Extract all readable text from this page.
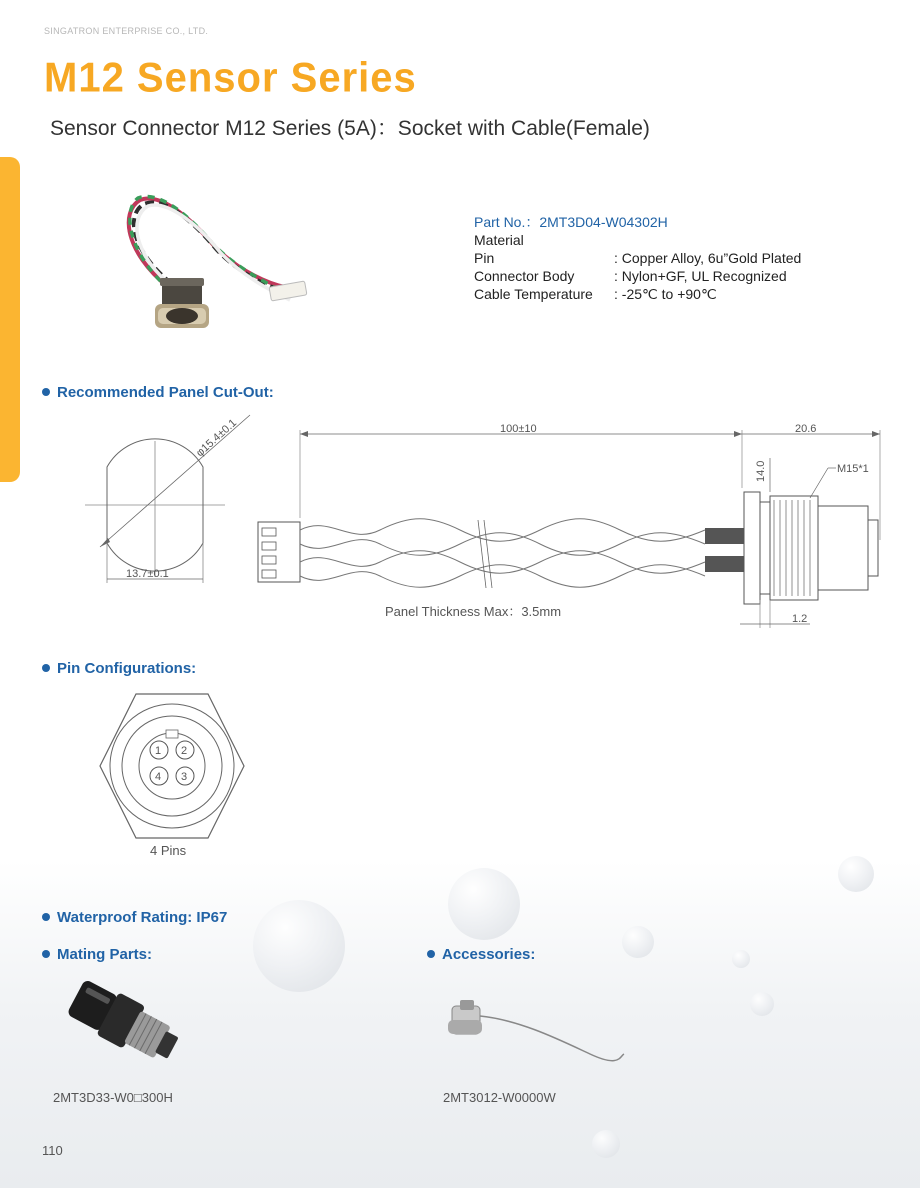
SINGATRON ENTERPRISE CO., LTD.
M12 Sensor Series
Sensor Connector M12 Series (5A)：Socket with Cable(Female)
Part No.：2MT3D04-W04302H
Material
Pin	: Copper Alloy, 6u”Gold Plated
Connector Body	: Nylon+GF, UL Recognized
Cable Temperature	: -25℃ to +90℃
Recommended Panel Cut-Out:
Pin Configurations:
Waterproof Rating: IP67
Mating Parts:	Accessories:
13.7±0.1
φ15.4±0.1	100±10	20.6
14.0	M15*1
1.2
Panel Thickness Max：3.5mm
1 2
3
4
4 Pins
2MT3D33-W0□300H	2MT3012-W0000W
110
